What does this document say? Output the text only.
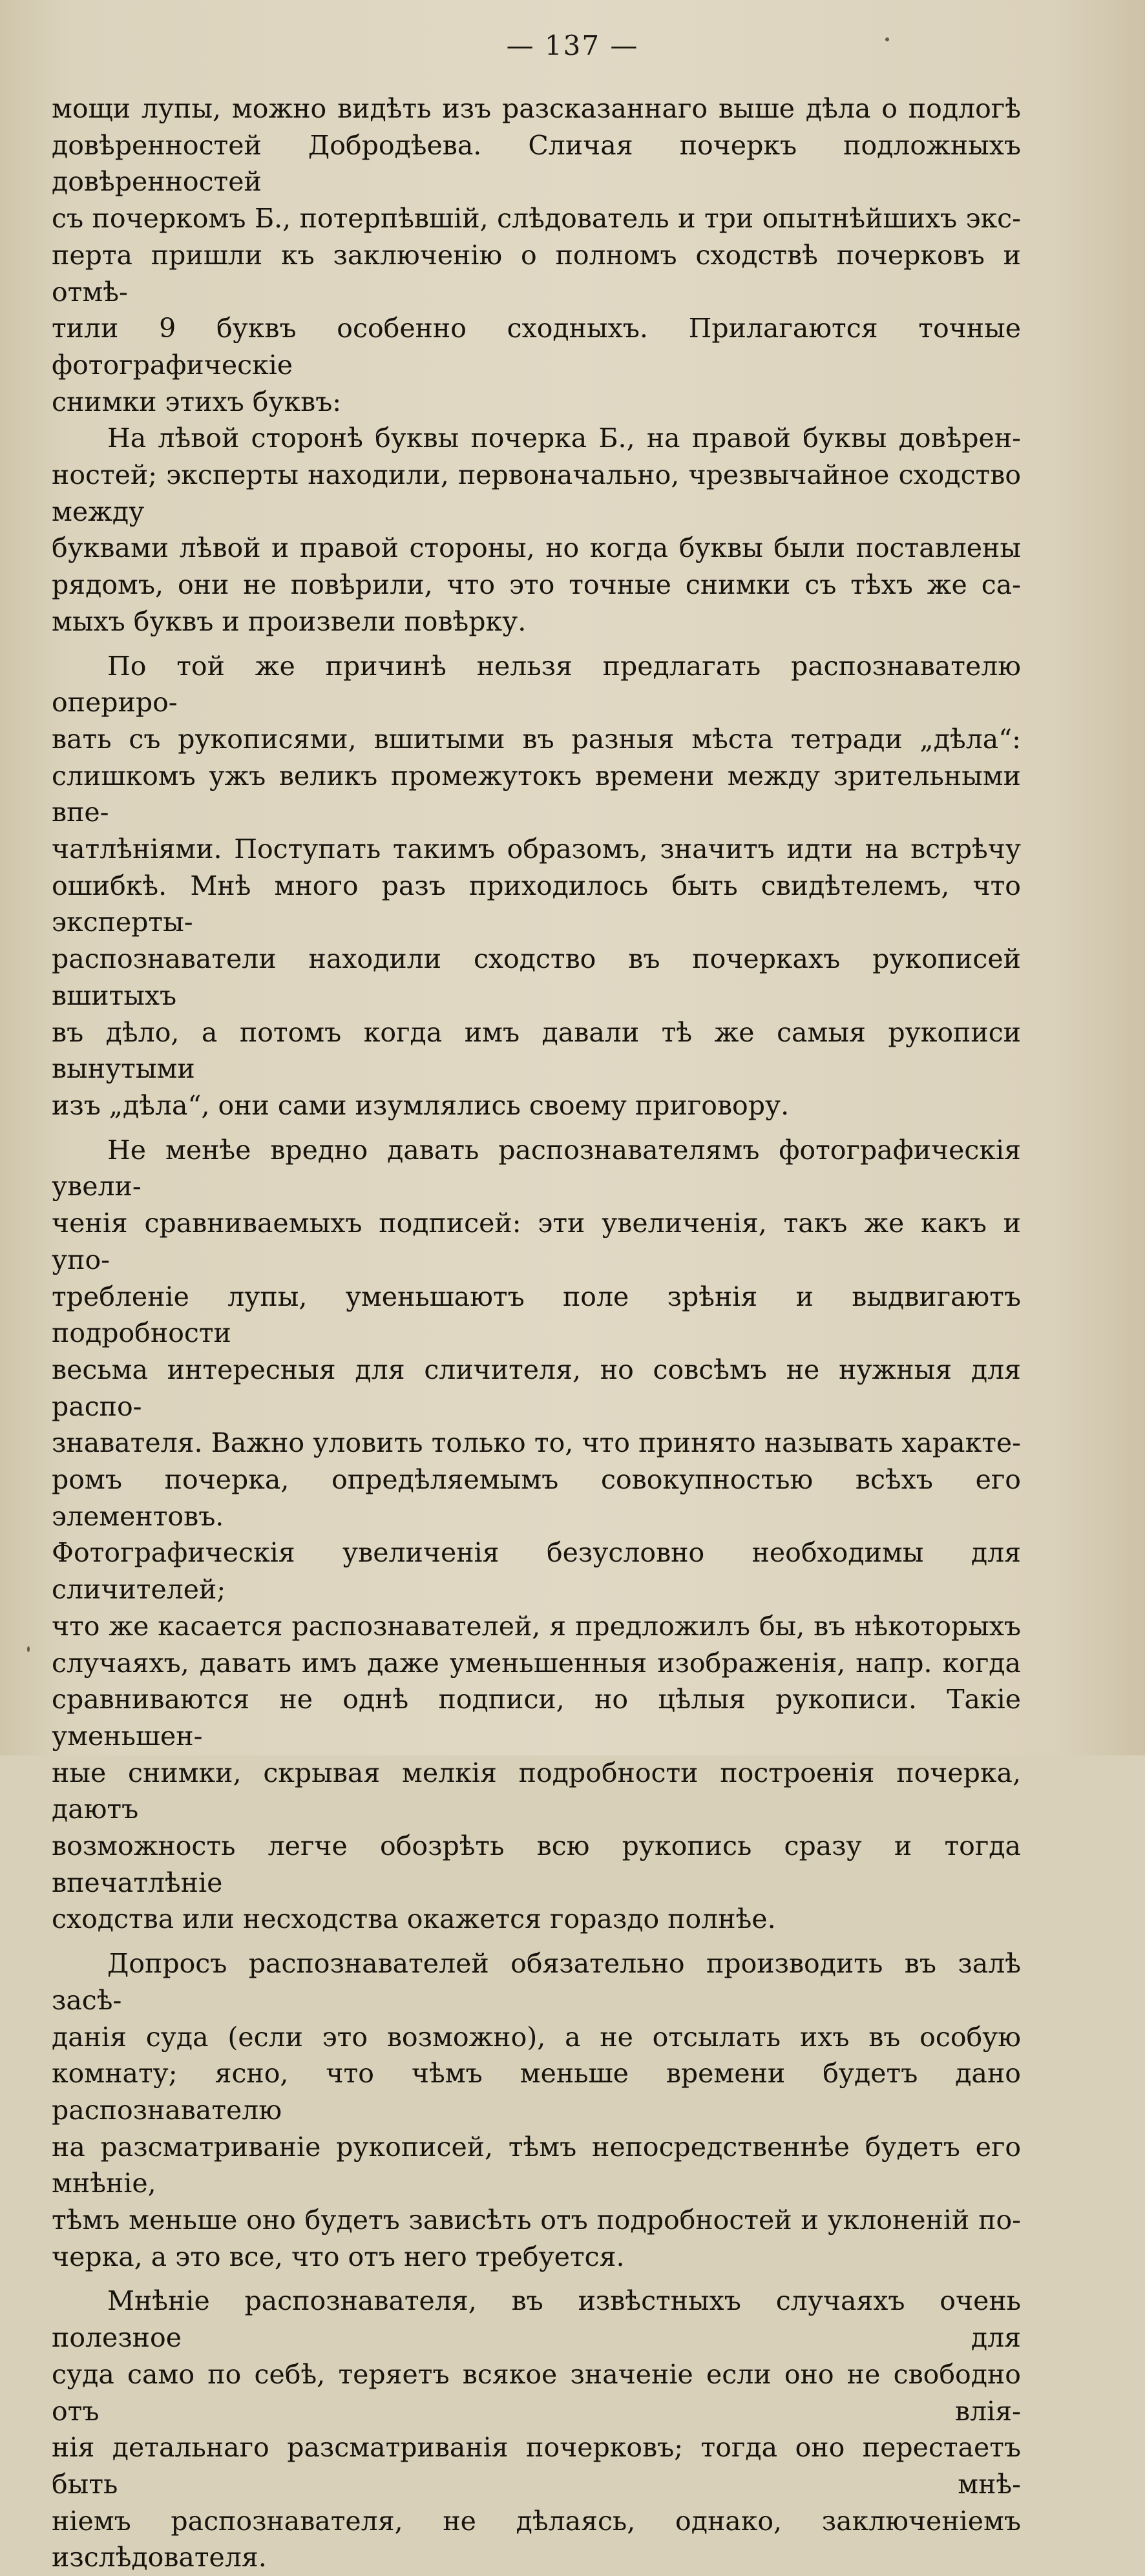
— 137 —
мощи лупы, можно видѣть изъ разсказаннаго выше дѣла о подлогѣ
довѣренностей Добродѣева. Сличая почеркъ подложныхъ довѣренностей
съ почеркомъ Б., потерпѣвшій, слѣдователь и три опытнѣйшихъ экс-
перта пришли къ заключенію о полномъ сходствѣ почерковъ и отмѣ-
тили 9 буквъ особенно сходныхъ. Прилагаются точные фотографическіе
снимки этихъ буквъ:
На лѣвой сторонѣ буквы почерка Б., на правой буквы довѣрен-
ностей; эксперты находили, первоначально, чрезвычайное сходство между
буквами лѣвой и правой стороны, но когда буквы были поставлены
рядомъ, они не повѣрили, что это точные снимки съ тѣхъ же са-
мыхъ буквъ и произвели повѣрку.
По той же причинѣ нельзя предлагать распознавателю опериро-
вать съ рукописями, вшитыми въ разныя мѣста тетради „дѣла“:
слишкомъ ужъ великъ промежутокъ времени между зрительными впе-
чатлѣніями. Поступать такимъ образомъ, значитъ идти на встрѣчу
ошибкѣ. Мнѣ много разъ приходилось быть свидѣтелемъ, что эксперты-
распознаватели находили сходство въ почеркахъ рукописей вшитыхъ
въ дѣло, а потомъ когда имъ давали тѣ же самыя рукописи вынутыми
изъ „дѣла“, они сами изумлялись своему приговору.
Не менѣе вредно давать распознавателямъ фотографическія увели-
ченія сравниваемыхъ подписей: эти увеличенія, такъ же какъ и упо-
требленіе лупы, уменьшаютъ поле зрѣнія и выдвигаютъ подробности
весьма интересныя для сличителя, но совсѣмъ не нужныя для распо-
знавателя. Важно уловить только то, что принято называть характе-
ромъ почерка, опредѣляемымъ совокупностью всѣхъ его элементовъ.
Фотографическія увеличенія безусловно необходимы для сличителей;
что же касается распознавателей, я предложилъ бы, въ нѣкоторыхъ
случаяхъ, давать имъ даже уменьшенныя изображенія, напр. когда
сравниваются не однѣ подписи, но цѣлыя рукописи. Такіе уменьшен-
ные снимки, скрывая мелкія подробности построенія почерка, даютъ
возможность легче обозрѣть всю рукопись сразу и тогда впечатлѣніе
сходства или несходства окажется гораздо полнѣе.
Допросъ распознавателей обязательно производить въ залѣ засѣ-
данія суда (если это возможно), а не отсылать ихъ въ особую
комнату; ясно, что чѣмъ меньше времени будетъ дано распознавателю
на разсматриваніе рукописей, тѣмъ непосредственнѣе будетъ его мнѣніе,
тѣмъ меньше оно будетъ зависѣть отъ подробностей и уклоненій по-
черка, а это все, что отъ него требуется.
Мнѣніе распознавателя, въ извѣстныхъ случаяхъ очень полезное для
суда само по себѣ, теряетъ всякое значеніе если оно не свободно отъ влія-
нія детальнаго разсматриванія почерковъ; тогда оно перестаетъ быть мнѣ-
ніемъ распознавателя, не дѣлаясь, однако, заключеніемъ изслѣдователя.
